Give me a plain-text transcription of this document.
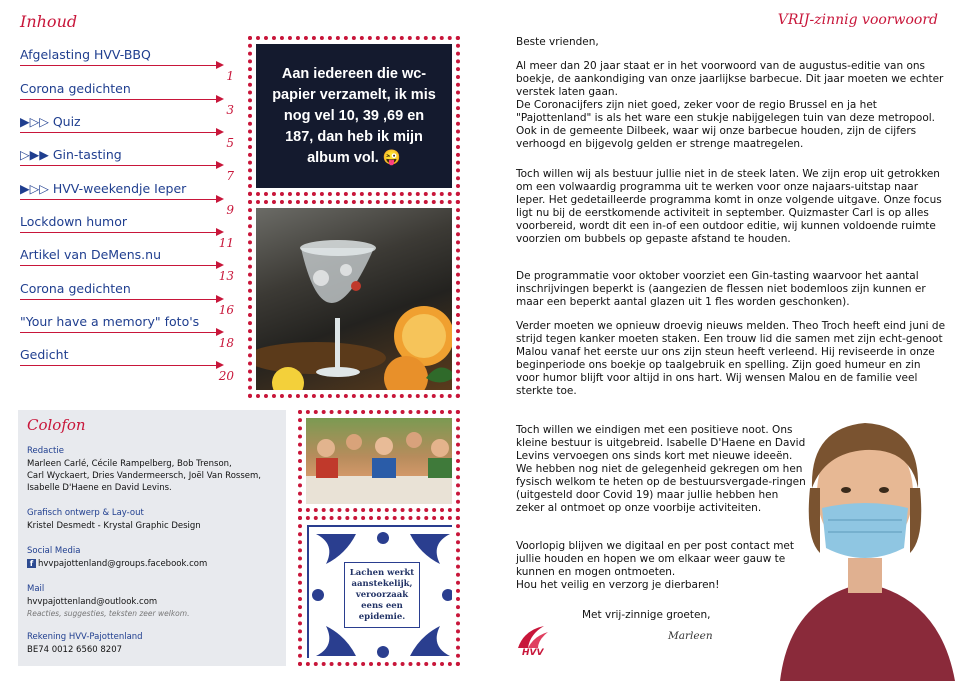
Inhoud
Afgelasting HVV-BBQ
1
Corona gedichten
3
▶▷▷ Quiz
5
▷▶▶ Gin-tasting
7
▶▷▷ HVV-weekendje Ieper
9
Lockdown humor
11
Artikel van DeMens.nu
13
Corona gedichten
16
"Your have a memory" foto's
18
Gedicht
20
Aan iedereen die wc-papier verzamelt, ik mis nog vel 10, 39 ,69 en 187, dan heb ik mijn album vol. 😜
Colofon
Redactie
Marleen Carlé, Cécile Rampelberg, Bob Trenson,
Carl Wyckaert, Dries Vandermeersch, Joël Van Rossem,
Isabelle D'Haene en David Levins.
Grafisch ontwerp & Lay-out
Kristel Desmedt - Krystal Graphic Design
Social Media
f hvvpajottenland@groups.facebook.com
Mail
hvvpajottenland@outlook.com
Reacties, suggesties, teksten zeer welkom.
Rekening HVV-Pajottenland
BE74 0012 6560 8207
Lachen werkt aanstekelijk, veroorzaak eens een epidemie.
VRIJ-zinnig voorwoord
Beste vrienden,
Al meer dan 20 jaar staat er in het voorwoord van de augustus-editie van ons boekje, de aankondiging van onze jaarlijkse barbecue. Dit jaar moeten we echter verstek laten gaan.
De Coronacijfers zijn niet goed, zeker voor de regio Brussel en ja het "Pajottenland" is als het ware een stukje nabijgelegen tuin van deze metropool. Ook in de gemeente Dilbeek, waar wij onze barbecue houden, zijn de cijfers verhoogd en bijgevolg gelden er strenge maatregelen.
Toch willen wij als bestuur jullie niet in de steek laten. We zijn erop uit getrokken om een volwaardig programma uit te werken voor onze najaars-uitstap naar Ieper. Het gedetailleerde programma komt in onze volgende uitgave. Onze focus ligt nu bij de eerstkomende activiteit in september. Quizmaster Carl is op alles voorbereid, wordt dit een in-of een outdoor editie, wij kunnen voldoende ruimte voorzien om bubbels op gepaste afstand te houden.
De programmatie voor oktober voorziet een Gin-tasting waarvoor het aantal inschrijvingen beperkt is (aangezien de flessen niet bodemloos zijn kunnen er maar een beperkt aantal glazen uit 1 fles worden geschonken).
Verder moeten we opnieuw droevig nieuws melden. Theo Troch heeft eind juni de strijd tegen kanker moeten staken. Een trouw lid die samen met zijn echt-genoot Malou vanaf het eerste uur ons zijn steun heeft verleend. Hij reviseerde in onze beginperiode ons boekje op taalgebruik en spelling. Zijn goed humeur en zin voor humor blijft voor altijd in ons hart. Wij wensen Malou en de familie veel sterkte toe.
Toch willen we eindigen met een positieve noot. Ons kleine bestuur is uitgebreid. Isabelle D'Haene en David Levins vervoegen ons sinds kort met nieuwe ideeën. We hebben nog niet de gelegenheid gekregen om hen fysisch welkom te heten op de bestuursvergade-ringen (uitgesteld door Covid 19) maar jullie hebben hen zeker al ontmoet op onze voorbije activiteiten.
Voorlopig blijven we digitaal en per post contact met jullie houden en hopen we om elkaar weer gauw te kunnen en mogen ontmoeten.
Hou het veilig en verzorg je dierbaren!
Met vrij-zinnige groeten,
Marleen
HVV
